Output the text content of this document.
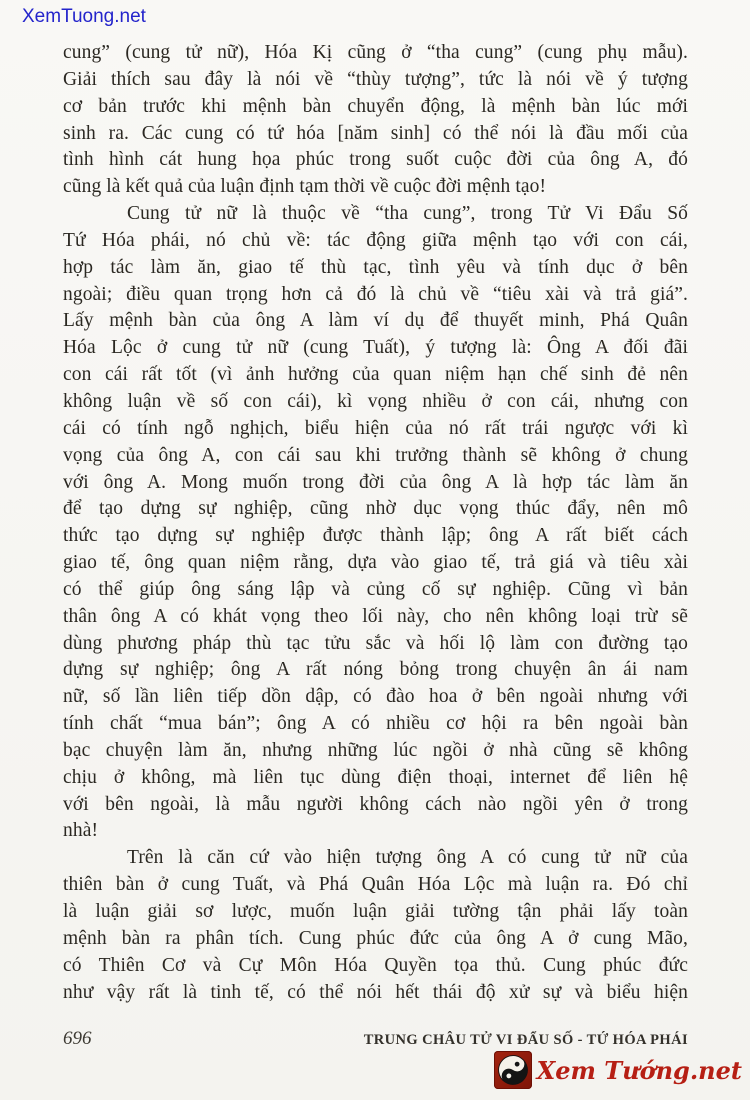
XemTuong.net
cung” (cung tử nữ), Hóa Kị cũng ở “tha cung” (cung phụ mẫu).
Giải thích sau đây là nói về “thùy tượng”, tức là nói về ý tượng
cơ bản trước khi mệnh bàn chuyển động, là mệnh bàn lúc mới
sinh ra. Các cung có tứ hóa [năm sinh] có thể nói là đầu mối của
tình hình cát hung họa phúc trong suốt cuộc đời của ông A, đó
cũng là kết quả của luận định tạm thời về cuộc đời mệnh tạo!
Cung tử nữ là thuộc về “tha cung”, trong Tử Vi Đẩu Số
Tứ Hóa phái, nó chủ về: tác động giữa mệnh tạo với con cái,
hợp tác làm ăn, giao tế thù tạc, tình yêu và tính dục ở bên
ngoài; điều quan trọng hơn cả đó là chủ về “tiêu xài và trả giá”.
Lấy mệnh bàn của ông A làm ví dụ để thuyết minh, Phá Quân
Hóa Lộc ở cung tử nữ (cung Tuất), ý tượng là: Ông A đối đãi
con cái rất tốt (vì ảnh hưởng của quan niệm hạn chế sinh đẻ nên
không luận về số con cái), kì vọng nhiều ở con cái, nhưng con
cái có tính ngỗ nghịch, biểu hiện của nó rất trái ngược với kì
vọng của ông A, con cái sau khi trưởng thành sẽ không ở chung
với ông A. Mong muốn trong đời của ông A là hợp tác làm ăn
để tạo dựng sự nghiệp, cũng nhờ dục vọng thúc đẩy, nên mô
thức tạo dựng sự nghiệp được thành lập; ông A rất biết cách
giao tế, ông quan niệm rằng, dựa vào giao tế, trả giá và tiêu xài
có thể giúp ông sáng lập và củng cố sự nghiệp. Cũng vì bản
thân ông A có khát vọng theo lối này, cho nên không loại trừ sẽ
dùng phương pháp thù tạc tửu sắc và hối lộ làm con đường tạo
dựng sự nghiệp; ông A rất nóng bỏng trong chuyện ân ái nam
nữ, số lần liên tiếp dồn dập, có đào hoa ở bên ngoài nhưng với
tính chất “mua bán”; ông A có nhiều cơ hội ra bên ngoài bàn
bạc chuyện làm ăn, nhưng những lúc ngồi ở nhà cũng sẽ không
chịu ở không, mà liên tục dùng điện thoại, internet để liên hệ
với bên ngoài, là mẫu người không cách nào ngồi yên ở trong
nhà!
Trên là căn cứ vào hiện tượng ông A có cung tử nữ của
thiên bàn ở cung Tuất, và Phá Quân Hóa Lộc mà luận ra. Đó chỉ
là luận giải sơ lược, muốn luận giải tường tận phải lấy toàn
mệnh bàn ra phân tích. Cung phúc đức của ông A ở cung Mão,
có Thiên Cơ và Cự Môn Hóa Quyền tọa thủ. Cung phúc đức
như vậy rất là tinh tế, có thể nói hết thái độ xử sự và biểu hiện
696	TRUNG CHÂU TỬ VI ĐẨU SỐ - TỨ HÓA PHÁI
Xem Tướng.net
